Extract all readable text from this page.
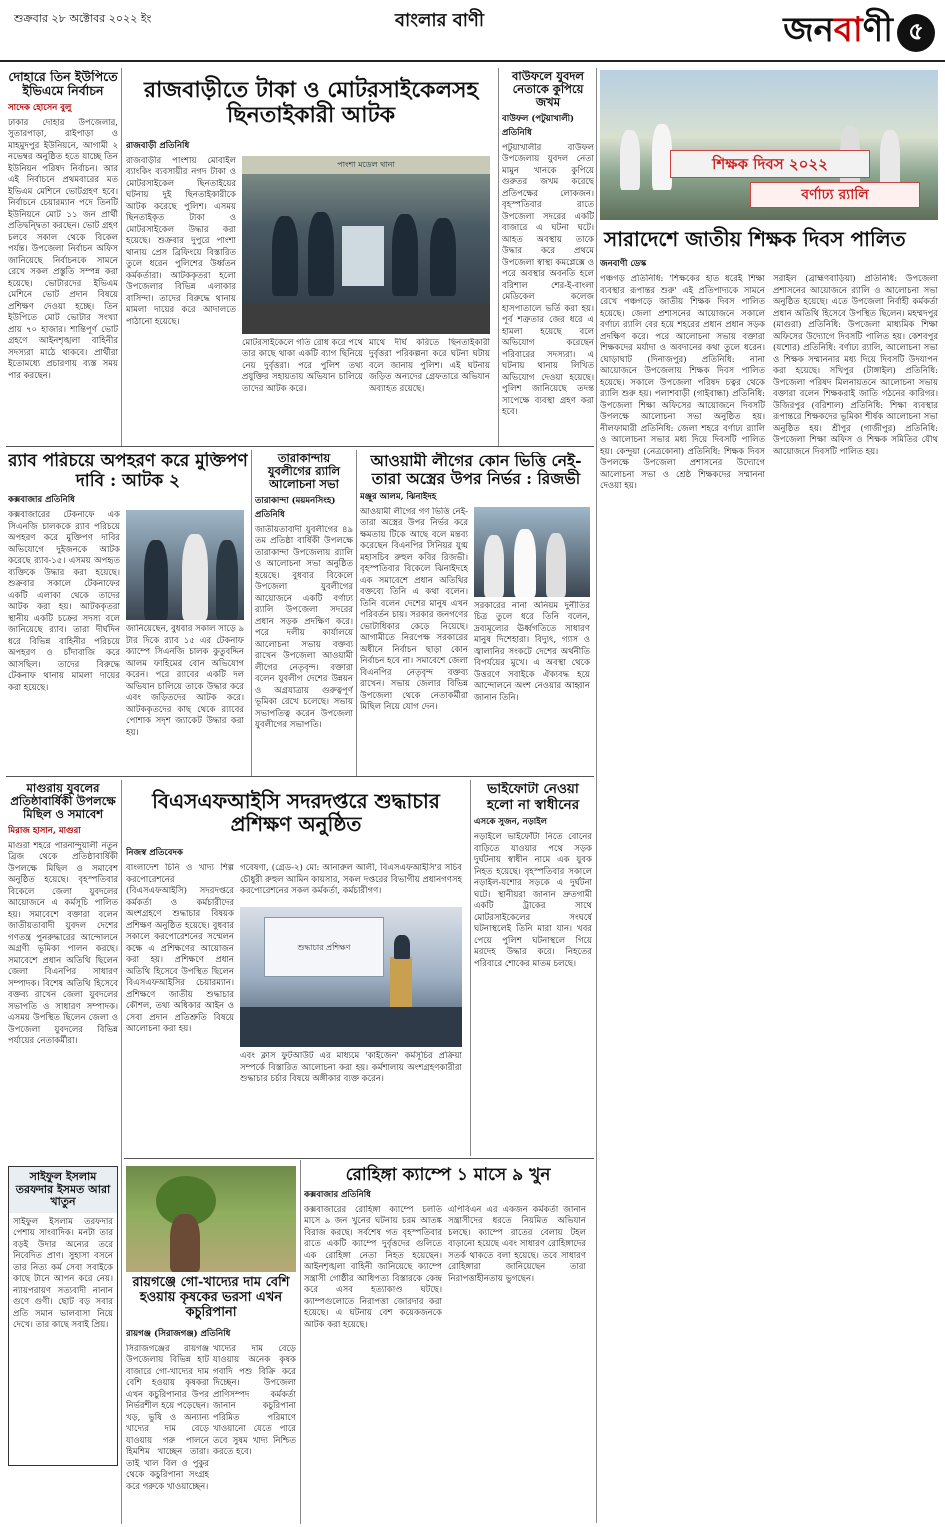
শুক্রবার ২৮ অক্টোবর ২০২২ ইং	বাংলার বাণী	জনবাণী ৫
দোহারে তিন ইউপিতে ইভিএমে নির্বাচন
সাদেক হোসেন বুলু
ঢাকার দোহার উপজেলার, সুতারপাড়া, রাইপাড়া ও মাহমুদপুর ইউনিয়নে, আগামী ২ নভেম্বর অনুষ্ঠিত হতে যাচ্ছে তিন ইউনিয়ন পরিষদ নির্বাচন। আর এই নির্বাচনে প্রথমবারের মত ইভিএম মেশিনে ভোটগ্রহণ হবে। নির্বাচনে চেয়ারম্যান পদে তিনটি ইউনিয়নে মোট ১১ জন প্রার্থী প্রতিদ্বন্দ্বিতা করছেন। ভোট গ্রহণ চলবে সকাল থেকে বিকেল পর্যন্ত। উপজেলা নির্বাচন অফিস জানিয়েছে নির্বাচনকে সামনে রেখে সকল প্রস্তুতি সম্পন্ন করা হয়েছে। ভোটারদের ইভিএম মেশিনে ভোট প্রদান বিষয়ে প্রশিক্ষণ দেওয়া হচ্ছে। তিন ইউপিতে মোট ভোটার সংখ্যা প্রায় ৭০ হাজার। শান্তিপূর্ণ ভোট গ্রহণে আইনশৃঙ্খলা বাহিনীর সদস্যরা মাঠে থাকবে। প্রার্থীরা ইতোমধ্যে প্রচারণায় ব্যস্ত সময় পার করছেন।
রাজবাড়ীতে টাকা ও মোটরসাইকেলসহ ছিনতাইকারী আটক
রাজবাড়ী প্রতিনিধি
রাজবাড়ীর পাংশায় মোবাইল ব্যাংকিং ব্যবসায়ীর নগদ টাকা ও মোটরসাইকেল ছিনতাইয়ের ঘটনায় দুই ছিনতাইকারীকে আটক করেছে পুলিশ। এসময় ছিনতাইকৃত টাকা ও মোটরসাইকেল উদ্ধার করা হয়েছে। শুক্রবার দুপুরে পাংশা থানায় প্রেস ব্রিফিংয়ে বিস্তারিত তুলে ধরেন পুলিশের উর্ধ্বতন কর্মকর্তারা। আটককৃতরা হলো উপজেলার বিভিন্ন এলাকার বাসিন্দা। তাদের বিরুদ্ধে থানায় মামলা দায়ের করে আদালতে পাঠানো হয়েছে।
পাংশা মডেল থানা
মোটরসাইকেলে গতি রোধ করে পথে তার কাছে থাকা একটি ব্যাগ ছিনিয়ে নেয় দুর্বৃত্তরা। পরে পুলিশ তথ্য প্রযুক্তির সহায়তায় অভিযান চালিয়ে তাদের আটক করে।
মাথে দীর্ঘ করিতে ছিনতাইকারী দুর্বৃত্তরা পরিকল্পনা করে ঘটনা ঘটায় বলে জানায় পুলিশ। এই ঘটনায় জড়িত অন্যদের গ্রেফতারে অভিযান অব্যাহত রয়েছে।
বাউফলে যুবদল নেতাকে কুপিয়ে জখম
বাউফল (পটুয়াখালী) প্রতিনিধি
পটুয়াখালীর বাউফল উপজেলায় যুবদল নেতা মামুন খানকে কুপিয়ে গুরুতর জখম করেছে প্রতিপক্ষের লোকজন। বৃহস্পতিবার রাতে উপজেলা সদরের একটি বাজারে এ ঘটনা ঘটে। আহত অবস্থায় তাকে উদ্ধার করে প্রথমে উপজেলা স্বাস্থ্য কমপ্লেক্সে ও পরে অবস্থার অবনতি হলে বরিশাল শের-ই-বাংলা মেডিকেল কলেজ হাসপাতালে ভর্তি করা হয়। পূর্ব শত্রুতার জের ধরে এ হামলা হয়েছে বলে অভিযোগ করেছেন পরিবারের সদস্যরা। এ ঘটনায় থানায় লিখিত অভিযোগ দেওয়া হয়েছে। পুলিশ জানিয়েছে তদন্ত সাপেক্ষে ব্যবস্থা গ্রহণ করা হবে।
শিক্ষক দিবস ২০২২
বর্ণাঢ্য র‍্যালি
সারাদেশে জাতীয় শিক্ষক দিবস পালিত
জনবাণী ডেস্ক
পঞ্চগড় প্রতিনিধি: 'শিক্ষকের হাত ধরেই শিক্ষা ব্যবস্থার রূপান্তর শুরু' এই প্রতিপাদ্যকে সামনে রেখে পঞ্চগড়ে জাতীয় শিক্ষক দিবস পালিত হয়েছে। জেলা প্রশাসনের আয়োজনে সকালে বর্ণাঢ্য র‍্যালি বের হয়ে শহরের প্রধান প্রধান সড়ক প্রদক্ষিণ করে। পরে আলোচনা সভায় বক্তারা শিক্ষকদের মর্যাদা ও অবদানের কথা তুলে ধরেন। ঘোড়াঘাট (দিনাজপুর) প্রতিনিধি: নানা আয়োজনে উপজেলায় শিক্ষক দিবস পালিত হয়েছে। সকালে উপজেলা পরিষদ চত্বর থেকে র‍্যালি শুরু হয়। পলাশবাড়ী (গাইবান্ধা) প্রতিনিধি: উপজেলা শিক্ষা অফিসের আয়োজনে দিবসটি উপলক্ষে আলোচনা সভা অনুষ্ঠিত হয়। নীলফামারী প্রতিনিধি: জেলা শহরে বর্ণাঢ্য র‍্যালি ও আলোচনা সভার মধ্য দিয়ে দিবসটি পালিত হয়। কেন্দুয়া (নেত্রকোনা) প্রতিনিধি: শিক্ষক দিবস উপলক্ষে উপজেলা প্রশাসনের উদ্যোগে আলোচনা সভা ও শ্রেষ্ঠ শিক্ষকদের সম্মাননা দেওয়া হয়।
সরাইল (ব্রাহ্মণবাড়িয়া) প্রতিনিধি: উপজেলা প্রশাসনের আয়োজনে র‍্যালি ও আলোচনা সভা অনুষ্ঠিত হয়েছে। এতে উপজেলা নির্বাহী কর্মকর্তা প্রধান অতিথি হিসেবে উপস্থিত ছিলেন। মহম্মদপুর (মাগুরা) প্রতিনিধি: উপজেলা মাধ্যমিক শিক্ষা অফিসের উদ্যোগে দিবসটি পালিত হয়। কেশবপুর (যশোর) প্রতিনিধি: বর্ণাঢ্য র‍্যালি, আলোচনা সভা ও শিক্ষক সম্মাননার মধ্য দিয়ে দিবসটি উদযাপন করা হয়েছে। সখিপুর (টাঙ্গাইল) প্রতিনিধি: উপজেলা পরিষদ মিলনায়তনে আলোচনা সভায় বক্তারা বলেন শিক্ষকরাই জাতি গঠনের কারিগর। উজিরপুর (বরিশাল) প্রতিনিধি: শিক্ষা ব্যবস্থার রূপান্তরে শিক্ষকদের ভূমিকা শীর্ষক আলোচনা সভা অনুষ্ঠিত হয়। শ্রীপুর (গাজীপুর) প্রতিনিধি: উপজেলা শিক্ষা অফিস ও শিক্ষক সমিতির যৌথ আয়োজনে দিবসটি পালিত হয়।
র‍্যাব পরিচয়ে অপহরণ করে মুক্তিপণ দাবি : আটক ২
কক্সবাজার প্রতিনিধি
কক্সবাজারের টেকনাফে এক সিএনজি চালককে র‍্যাব পরিচয়ে অপহরণ করে মুক্তিপণ দাবির অভিযোগে দুইজনকে আটক করেছে র‍্যাব-১৫। এসময় অপহৃত ব্যক্তিকে উদ্ধার করা হয়েছে। শুক্রবার সকালে টেকনাফের একটি এলাকা থেকে তাদের আটক করা হয়। আটককৃতরা স্থানীয় একটি চক্রের সদস্য বলে জানিয়েছে র‍্যাব। তারা দীর্ঘদিন ধরে বিভিন্ন বাহিনীর পরিচয়ে অপহরণ ও চাঁদাবাজি করে আসছিল। তাদের বিরুদ্ধে টেকনাফ থানায় মামলা দায়ের করা হয়েছে।
জানিয়েছেন, বুধবার সকাল সাড়ে ৯ টার দিকে র‍্যাব ১৫ এর টেকনাফ ক্যাম্পে সিএনজি চালক কুতুবদ্দিন আলম ফাহিমের বোন অভিযোগ করেন। পরে র‍্যাবের একটি দল অভিযান চালিয়ে তাকে উদ্ধার করে এবং জড়িতদের আটক করে। আটককৃতদের কাছ থেকে র‍্যাবের পোশাক সদৃশ জ্যাকেট উদ্ধার করা হয়।
তারাকান্দায় যুবলীগের র‍্যালি আলোচনা সভা
তারাকান্দা (ময়মনসিংহ) প্রতিনিধি
জাতীয়তাবাদী যুবলীগের ৪৯ তম প্রতিষ্ঠা বার্ষিকী উপলক্ষে তারাকান্দা উপজেলায় র‍্যালি ও আলোচনা সভা অনুষ্ঠিত হয়েছে। বুধবার বিকেলে উপজেলা যুবলীগের আয়োজনে একটি বর্ণাঢ্য র‍্যালি উপজেলা সদরের প্রধান সড়ক প্রদক্ষিণ করে। পরে দলীয় কার্যালয়ে আলোচনা সভায় বক্তব্য রাখেন উপজেলা আওয়ামী লীগের নেতৃবৃন্দ। বক্তারা বলেন যুবলীগ দেশের উন্নয়ন ও অগ্রযাত্রায় গুরুত্বপূর্ণ ভূমিকা রেখে চলেছে। সভায় সভাপতিত্ব করেন উপজেলা যুবলীগের সভাপতি।
আওয়ামী লীগের কোন ভিত্তি নেই- তারা অস্ত্রের উপর নির্ভর : রিজভী
মঞ্জুর আলম, ঝিনাইদহ
আওয়ামী লীগের গণ ভিত্তি নেই-তারা অস্ত্রের উপর নির্ভর করে ক্ষমতায় টিকে আছে বলে মন্তব্য করেছেন বিএনপির সিনিয়র যুগ্ম মহাসচিব রুহুল কবির রিজভী। বৃহস্পতিবার বিকেলে ঝিনাইদহে এক সমাবেশে প্রধান অতিথির বক্তব্যে তিনি এ কথা বলেন। তিনি বলেন দেশের মানুষ এখন পরিবর্তন চায়। সরকার জনগণের ভোটাধিকার কেড়ে নিয়েছে। আগামীতে নিরপেক্ষ সরকারের অধীনে নির্বাচন ছাড়া কোন নির্বাচন হবে না। সমাবেশে জেলা বিএনপির নেতৃবৃন্দ বক্তব্য রাখেন। সভায় জেলার বিভিন্ন উপজেলা থেকে নেতাকর্মীরা মিছিল নিয়ে যোগ দেন।
সরকারের নানা অনিয়ম দুর্নীতির চিত্র তুলে ধরে তিনি বলেন, দ্রব্যমূল্যের ঊর্ধ্বগতিতে সাধারণ মানুষ দিশেহারা। বিদ্যুৎ, গ্যাস ও জ্বালানির সংকটে দেশের অর্থনীতি বিপর্যয়ের মুখে। এ অবস্থা থেকে উত্তরণে সবাইকে ঐক্যবদ্ধ হয়ে আন্দোলনে অংশ নেওয়ার আহ্বান জানান তিনি।
মাগুরায় যুবলের প্রতিষ্ঠাবার্ষিকী উপলক্ষে মিছিল ও সমাবেশ
মিরাজ হাসান, মাগুরা
মাগুরা শহরে পারনান্দুয়ালী নতুন ব্রিজ থেকে প্রতিষ্ঠাবার্ষিকী উপলক্ষে মিছিল ও সমাবেশ অনুষ্ঠিত হয়েছে। বৃহস্পতিবার বিকেলে জেলা যুবদলের আয়োজনে এ কর্মসূচি পালিত হয়। সমাবেশে বক্তারা বলেন জাতীয়তাবাদী যুবদল দেশের গণতন্ত্র পুনরুদ্ধারের আন্দোলনে অগ্রণী ভূমিকা পালন করছে। সমাবেশে প্রধান অতিথি ছিলেন জেলা বিএনপির সাধারণ সম্পাদক। বিশেষ অতিথি হিসেবে বক্তব্য রাখেন জেলা যুবদলের সভাপতি ও সাধারণ সম্পাদক। এসময় উপস্থিত ছিলেন জেলা ও উপজেলা যুবদলের বিভিন্ন পর্যায়ের নেতাকর্মীরা।
বিএসএফআইসি সদরদপ্তরে শুদ্ধাচার প্রশিক্ষণ অনুষ্ঠিত
নিজস্ব প্রতিবেদক
বাংলাদেশ চিনি ও খাদ্য শিল্প করপোরেশনের (বিএসএফআইসি) সদরদপ্তরে কর্মকর্তা ও কর্মচারীদের অংশগ্রহণে শুদ্ধাচার বিষয়ক প্রশিক্ষণ অনুষ্ঠিত হয়েছে। বুধবার সকালে করপোরেশনের সম্মেলন কক্ষে এ প্রশিক্ষণের আয়োজন করা হয়। প্রশিক্ষণে প্রধান অতিথি হিসেবে উপস্থিত ছিলেন বিএসএফআইসির চেয়ারম্যান। প্রশিক্ষণে জাতীয় শুদ্ধাচার কৌশল, তথ্য অধিকার আইন ও সেবা প্রদান প্রতিশ্রুতি বিষয়ে আলোচনা করা হয়।
গবেষণা, (গ্রেড-২) মো: আনারুল আলী, বিএসএফআইসি'র সচিব চৌধুরী রুহুল আমিন কায়সার, সকল দপ্তরের বিভাগীয় প্রধানগণসহ করপোরেশনের সকল কর্মকর্তা, কর্মচারীগণ।
শুদ্ধাচার প্রশিক্ষণ
এবং ক্লাস ফুটআউট এর মাধ্যমে 'কাইজেন' কর্মসূচির প্রক্রিয়া সম্পর্কে বিস্তারিত আলোচনা করা হয়। কর্মশালায় অংশগ্রহণকারীরা শুদ্ধাচার চর্চার বিষয়ে অঙ্গীকার ব্যক্ত করেন।
ভাইফোটা নেওয়া হলো না স্বাধীনের
এসকে সুজন, নড়াইল
নড়াইলে ভাইফোঁটা নিতে বোনের বাড়িতে যাওয়ার পথে সড়ক দুর্ঘটনায় স্বাধীন নামে এক যুবক নিহত হয়েছে। বৃহস্পতিবার সকালে নড়াইল-যশোর সড়কে এ দুর্ঘটনা ঘটে। স্থানীয়রা জানান দ্রুতগামী একটি ট্রাকের সাথে মোটরসাইকেলের সংঘর্ষে ঘটনাস্থলেই তিনি মারা যান। খবর পেয়ে পুলিশ ঘটনাস্থলে গিয়ে মরদেহ উদ্ধার করে। নিহতের পরিবারে শোকের মাতম চলছে।
সাইফুল ইসলাম তরফদার ইসমত আরা খাতুন
সাইফুল ইসলাম তরফদার পেশায় সাংবাদিক। মনটা তার বড়ই উদার অন্যের তরে নিবেদিত প্রাণ। সুহাসা বসনে তার নিত্য কর্ম সেবা সবাইকে কাছে টানে আপন করে নেয়। ন্যায়পরায়ণ সত্যবাদী নানান গুণে গুণী। ছোট বড় সবার প্রতি সমান ভালবাসা নিয়ে দেখে। তার কাছে সবাই প্রিয়।
রোহিঙ্গা ক্যাম্পে ১ মাসে ৯ খুন
কক্সবাজার প্রতিনিধি
কক্সবাজারের রোহিঙ্গা ক্যাম্পে চলতি মাসে ৯ জন খুনের ঘটনায় চরম আতঙ্ক বিরাজ করছে। সর্বশেষ গত বৃহস্পতিবার রাতে একটি ক্যাম্পে দুর্বৃত্তদের গুলিতে এক রোহিঙ্গা নেতা নিহত হয়েছেন। আইনশৃঙ্খলা বাহিনী জানিয়েছে ক্যাম্পে সন্ত্রাসী গোষ্ঠীর আধিপত্য বিস্তারকে কেন্দ্র করে এসব হত্যাকাণ্ড ঘটছে। ক্যাম্পগুলোতে নিরাপত্তা জোরদার করা হয়েছে। এ ঘটনায় বেশ কয়েকজনকে আটক করা হয়েছে।
এপিবিএন এর একজন কর্মকর্তা জানান সন্ত্রাসীদের ধরতে নিয়মিত অভিযান চলছে। ক্যাম্পে রাতের বেলায় টহল বাড়ানো হয়েছে এবং সাধারণ রোহিঙ্গাদের সতর্ক থাকতে বলা হয়েছে। তবে সাধারণ রোহিঙ্গারা জানিয়েছেন তারা নিরাপত্তাহীনতায় ভুগছেন।
রায়গঞ্জে গো-খাদ্যের দাম বেশি হওয়ায় কৃষকের ভরসা এখন কচুরিপানা
রায়গঞ্জ (সিরাজগঞ্জ) প্রতিনিধি
সিরাজগঞ্জের রায়গঞ্জ উপজেলায় বিভিন্ন হাট বাজারে গো-খাদ্যের দাম বেশি হওয়ায় কৃষকরা এখন কচুরিপানার উপর নির্ভরশীল হয়ে পড়েছেন। খড়, ভুষি ও অন্যান্য খাদ্যের দাম বেড়ে যাওয়ায় গরু পালনে হিমশিম খাচ্ছেন তারা। তাই খাল বিল ও পুকুর থেকে কচুরিপানা সংগ্রহ করে গরুকে খাওয়াচ্ছেন।
খাদ্যের দাম বেড়ে যাওয়ায় অনেক কৃষক গবাদি পশু বিক্রি করে দিচ্ছেন। উপজেলা প্রাণিসম্পদ কর্মকর্তা জানান কচুরিপানা পরিমিত পরিমাণে খাওয়ানো যেতে পারে তবে সুষম খাদ্য নিশ্চিত করতে হবে।
